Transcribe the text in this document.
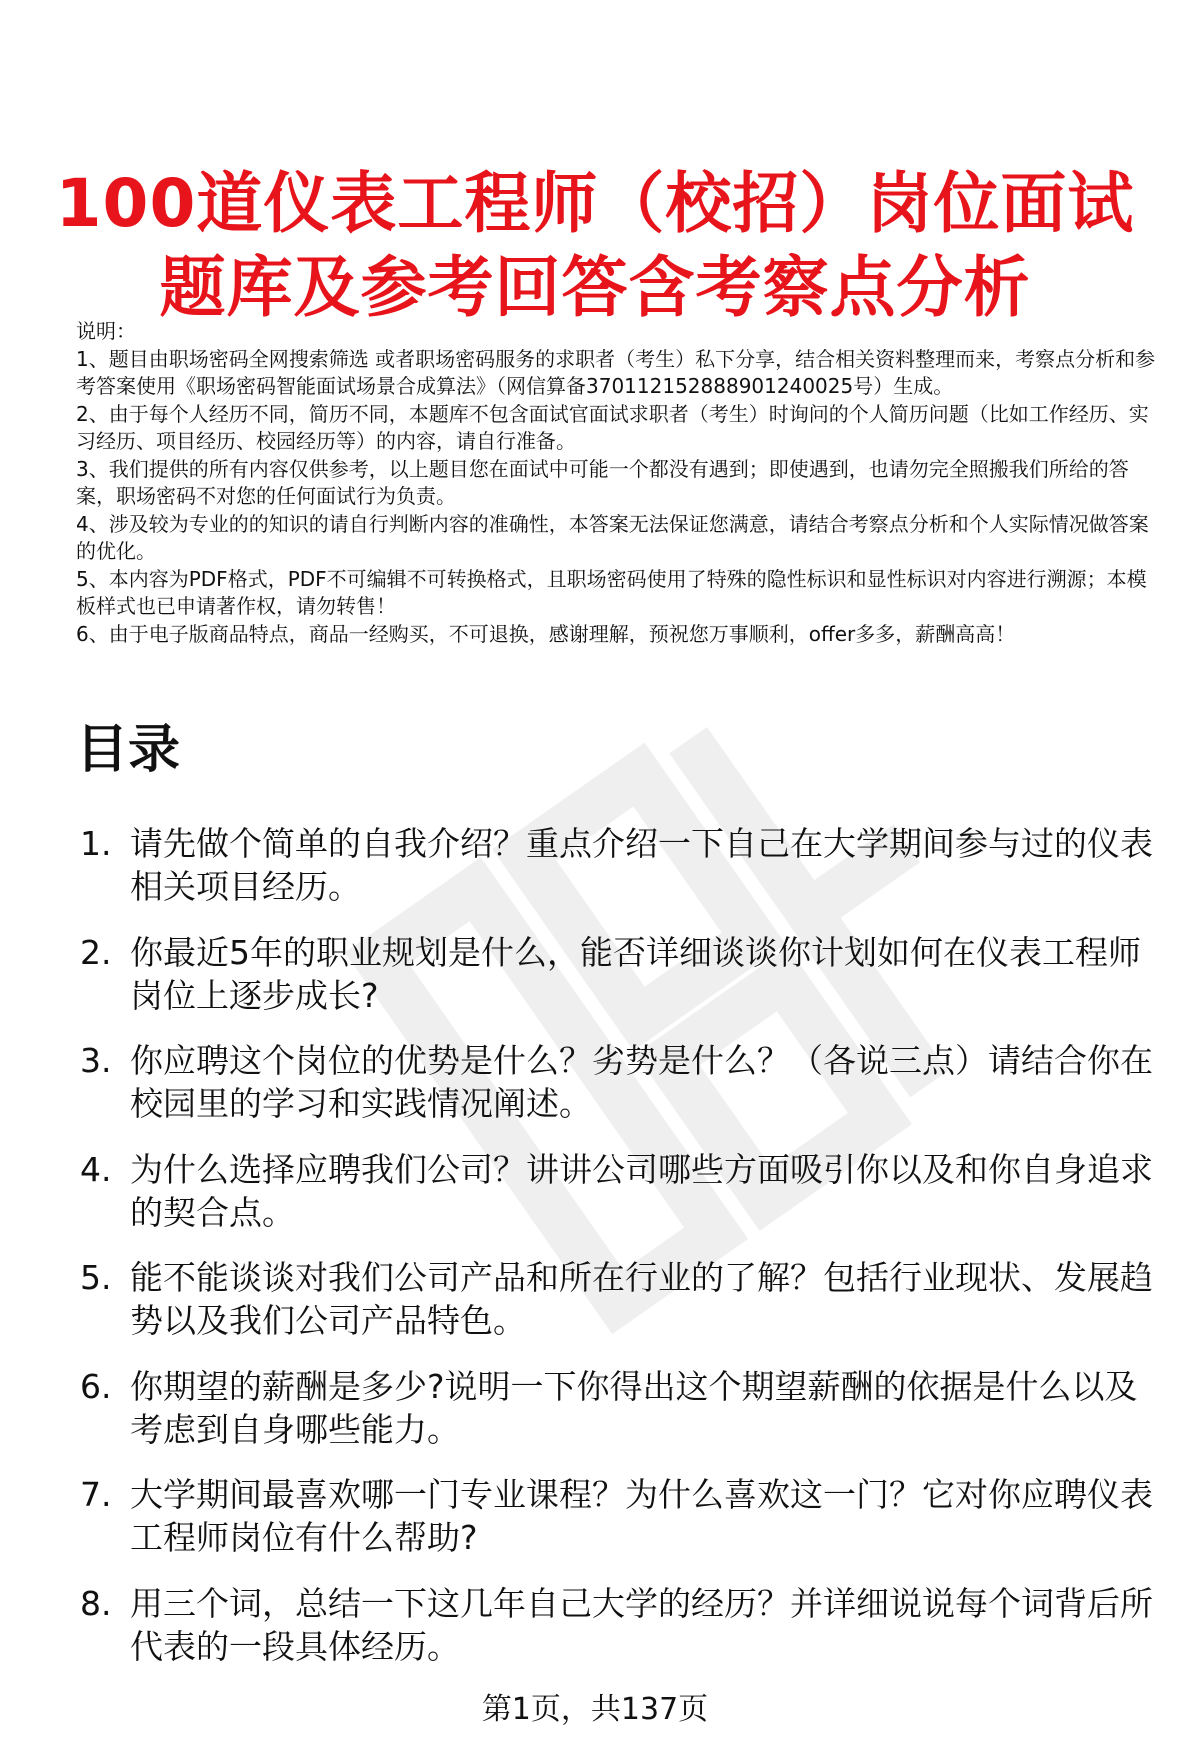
100道仪表工程师（校招）岗位面试题库及参考回答含考察点分析

说明：

1、题目由职场密码全网搜索筛选 或者职场密码服务的求职者（考生）私下分享，结合相关资料整理而来，考察点分析和参考答案使用《职场密码智能面试场景合成算法》（网信算备370112152888901240025号）生成。

2、由于每个人经历不同，简历不同，本题库不包含面试官面试求职者（考生）时询问的个人简历问题（比如工作经历、实习经历、项目经历、校园经历等）的内容，请自行准备。

3、我们提供的所有内容仅供参考，以上题目您在面试中可能一个都没有遇到；即使遇到，也请勿完全照搬我们所给的答案，职场密码不对您的任何面试行为负责。

4、涉及较为专业的的知识的请自行判断内容的准确性，本答案无法保证您满意，请结合考察点分析和个人实际情况做答案的优化。

5、本内容为PDF格式，PDF不可编辑不可转换格式，且职场密码使用了特殊的隐性标识和显性标识对内容进行溯源；本模板样式也已申请著作权，请勿转售！

6、由于电子版商品特点，商品一经购买，不可退换，感谢理解，预祝您万事顺利，offer多多，薪酬高高！

目录
1. 请先做个简单的自我介绍？重点介绍一下自己在大学期间参与过的仪表相关项目经历。
2. 你最近5年的职业规划是什么，能否详细谈谈你计划如何在仪表工程师岗位上逐步成长?
3. 你应聘这个岗位的优势是什么？劣势是什么？（各说三点）请结合你在校园里的学习和实践情况阐述。
4. 为什么选择应聘我们公司？讲讲公司哪些方面吸引你以及和你自身追求的契合点。
5. 能不能谈谈对我们公司产品和所在行业的了解？包括行业现状、发展趋势以及我们公司产品特色。
6. 你期望的薪酬是多少?说明一下你得出这个期望薪酬的依据是什么以及考虑到自身哪些能力。
7. 大学期间最喜欢哪一门专业课程？为什么喜欢这一门？它对你应聘仪表工程师岗位有什么帮助?
8. 用三个词，总结一下这几年自己大学的经历？并详细说说每个词背后所代表的一段具体经历。
第1页，共137页
